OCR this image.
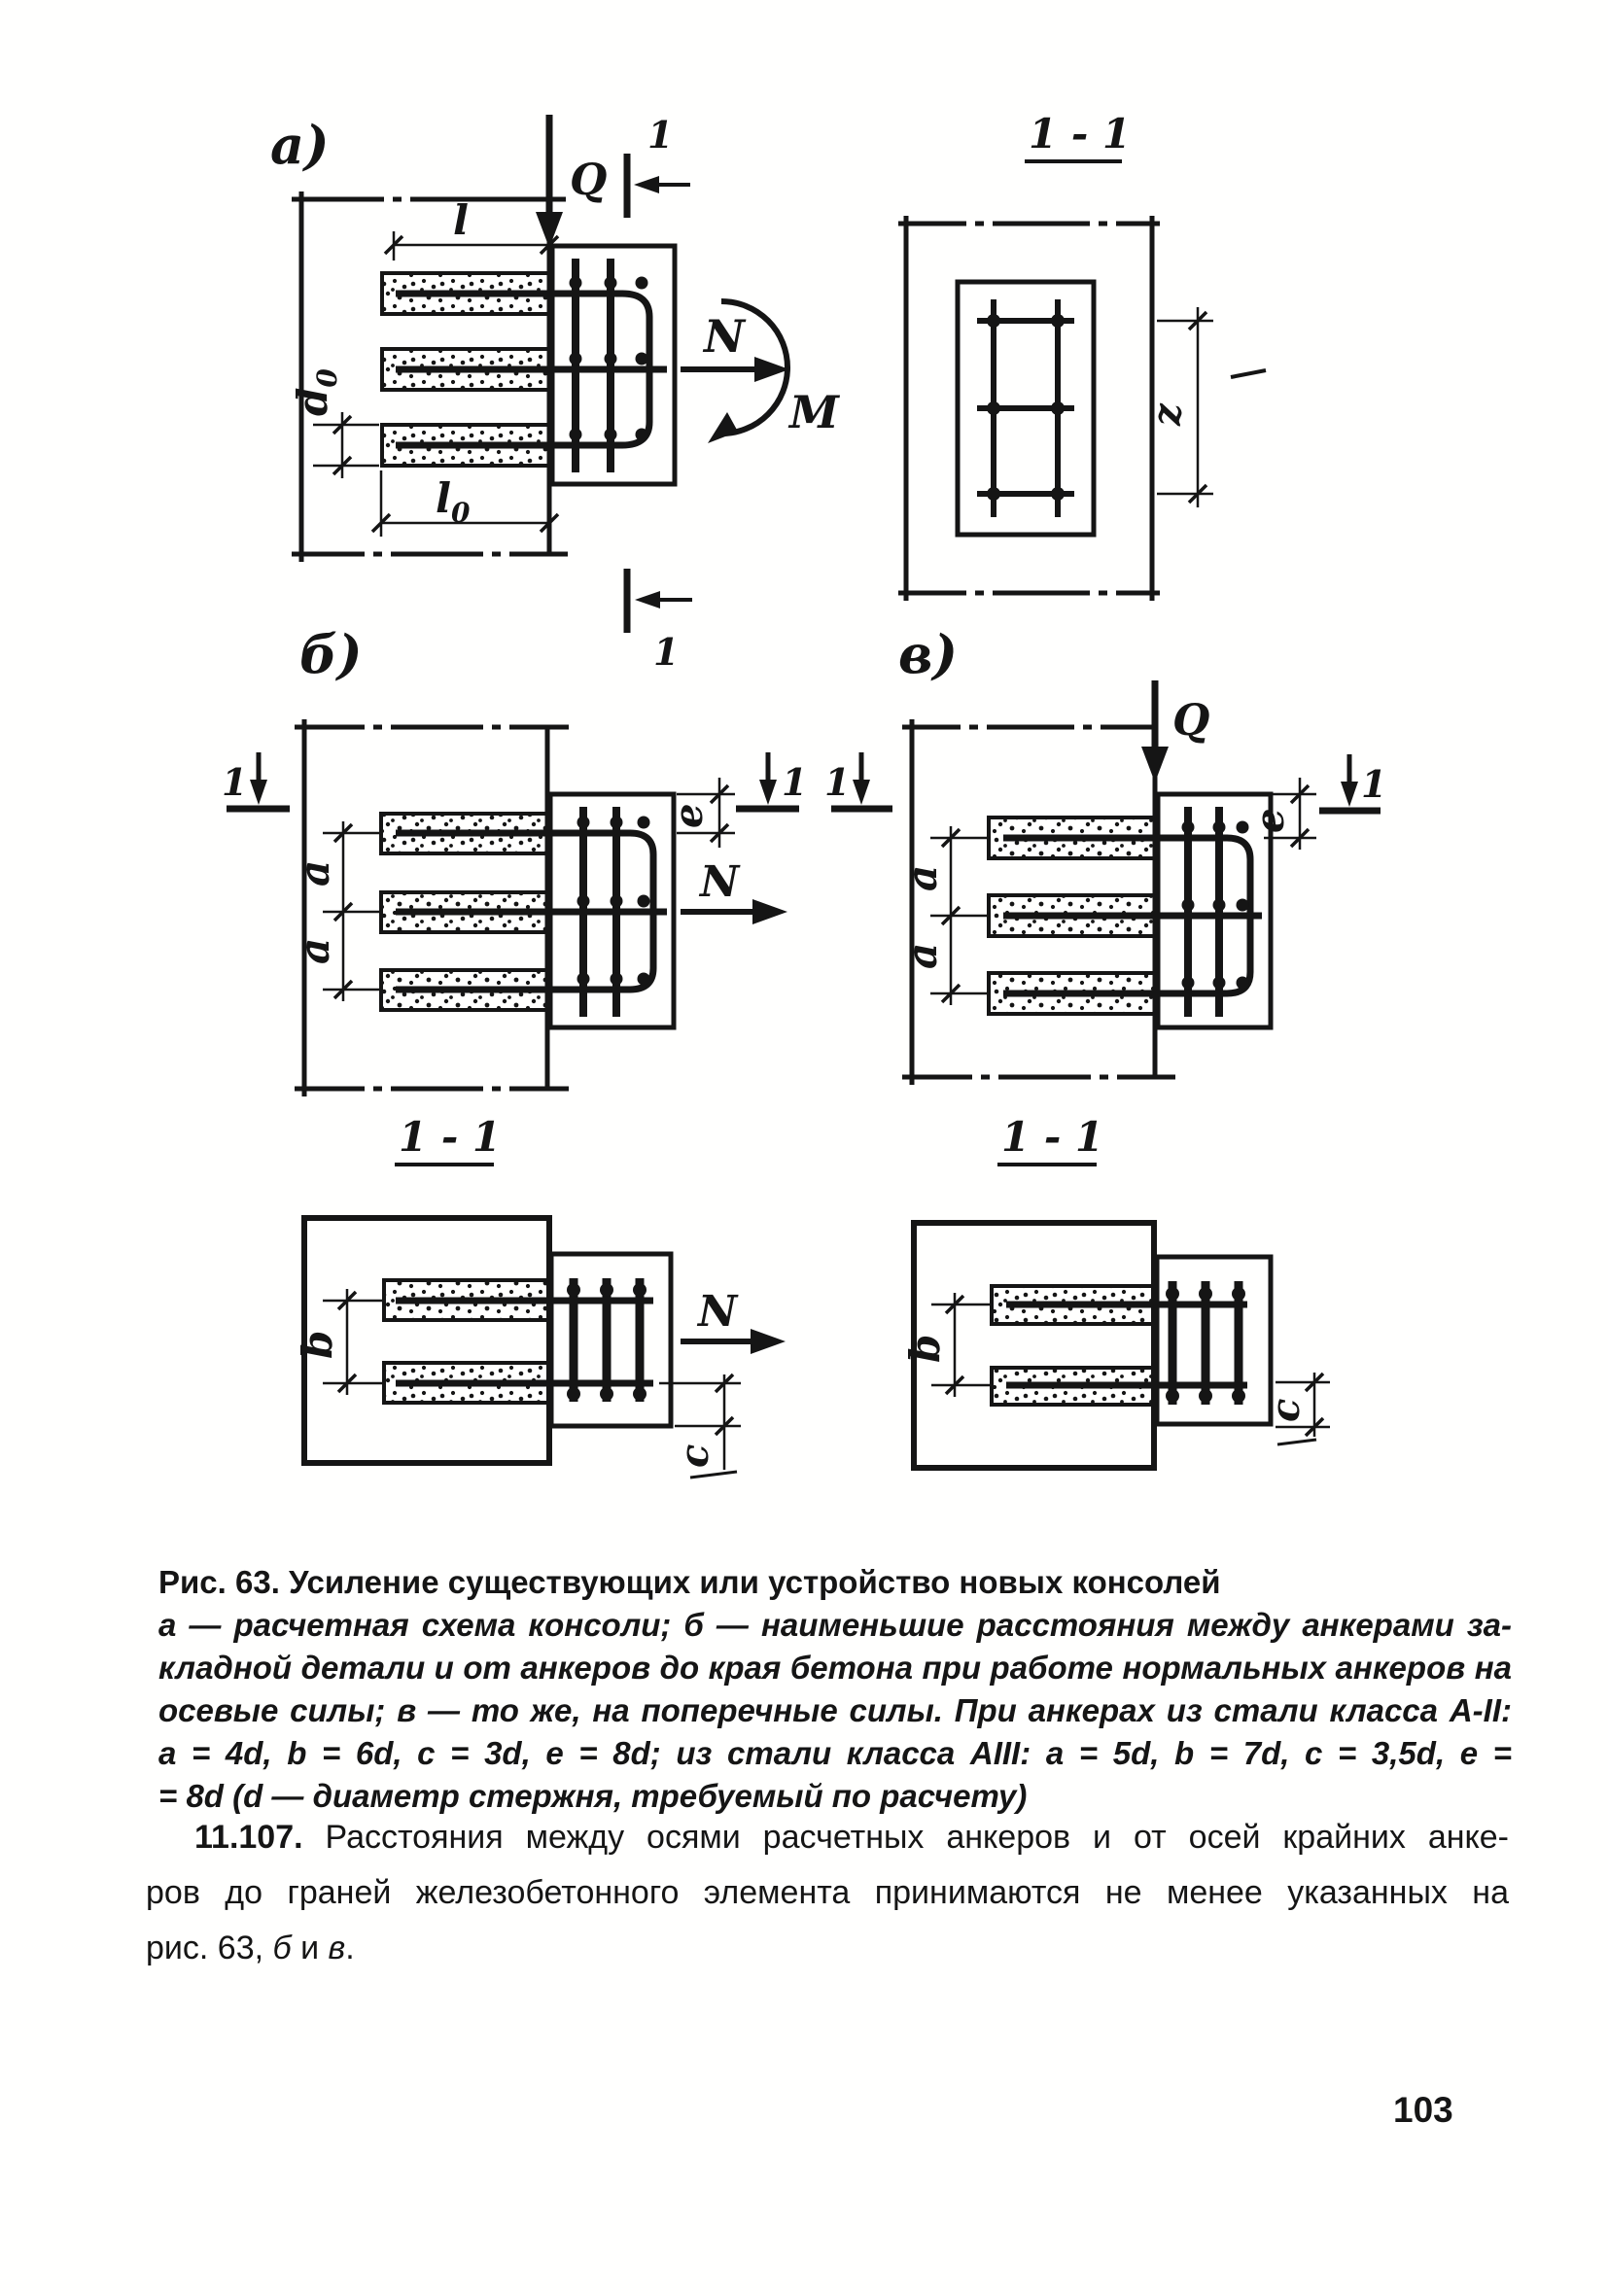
а)
Q
N
M
1
1
l
$l_0$
$d_0$
1 - 1
z
б)
a
a
e
N
1	1
в)
Q
a
a
e
1	1
1 - 1
b
N
c
1 - 1
b
c
Рис. 63. Усиление существующих или устройство новых консолей
а — расчетная схема консоли; б — наименьшие расстояния между анкерами за-
кладной детали и от анкеров до края бетона при работе нормальных анкеров на
осевые силы; в — то же, на поперечные силы. При анкерах из стали класса А-II:
а = 4d, b = 6d, c = 3d, e = 8d; из стали класса АIII: а = 5d, b = 7d, c = 3,5d, e =
= 8d (d — диаметр стержня, требуемый по расчету)
11.107. Расстояния между осями расчетных анкеров и от осей крайних анке-
ров до граней железобетонного элемента принимаются не менее указанных на
рис. 63, б и в.
103
